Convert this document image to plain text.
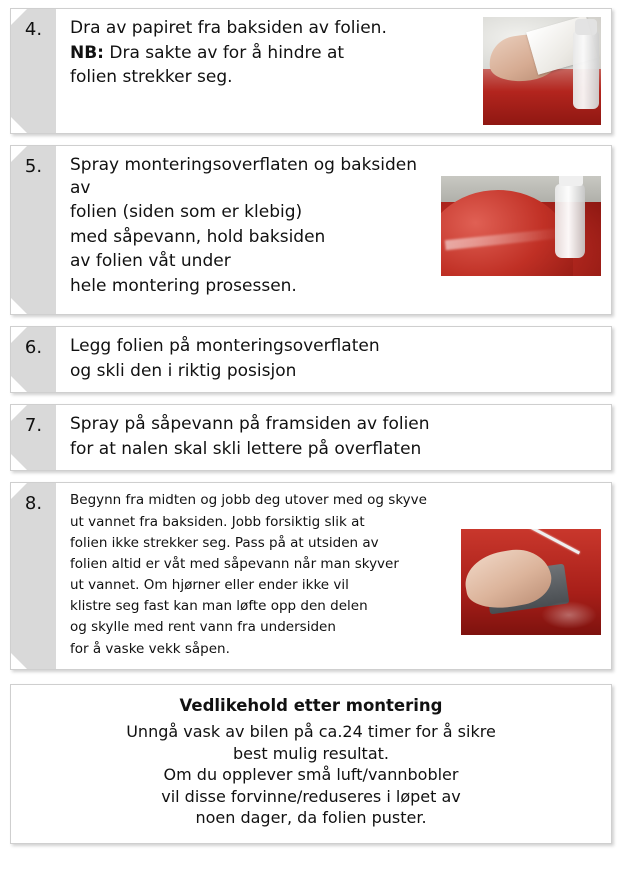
4.	Dra av papiret fra baksiden av folien.

NB: Dra sakte av for å hindre at

folien strekker seg.

5.	Spray monteringsoverflaten og baksiden av

folien (siden som er klebig)

med såpevann, hold baksiden

av folien våt under

hele montering prosessen.

6.	Legg folien på monteringsoverflaten

og skli den i riktig posisjon

7.	Spray på såpevann på framsiden av folien

for at nalen skal skli lettere på overflaten

8.	Begynn fra midten og jobb deg utover med og skyve

ut vannet fra baksiden. Jobb forsiktig slik at

folien ikke strekker seg. Pass på at utsiden av

folien altid er våt med såpevann når man skyver

ut vannet. Om hjørner eller ender ikke vil

klistre seg fast kan man løfte opp den delen

og skylle med rent vann fra undersiden

for å vaske vekk såpen.

Vedlikehold etter montering

Unngå vask av bilen på ca.24 timer for å sikre

best mulig resultat.

Om du opplever små luft/vannbobler

vil disse forvinne/reduseres i løpet av

noen dager, da folien puster.
